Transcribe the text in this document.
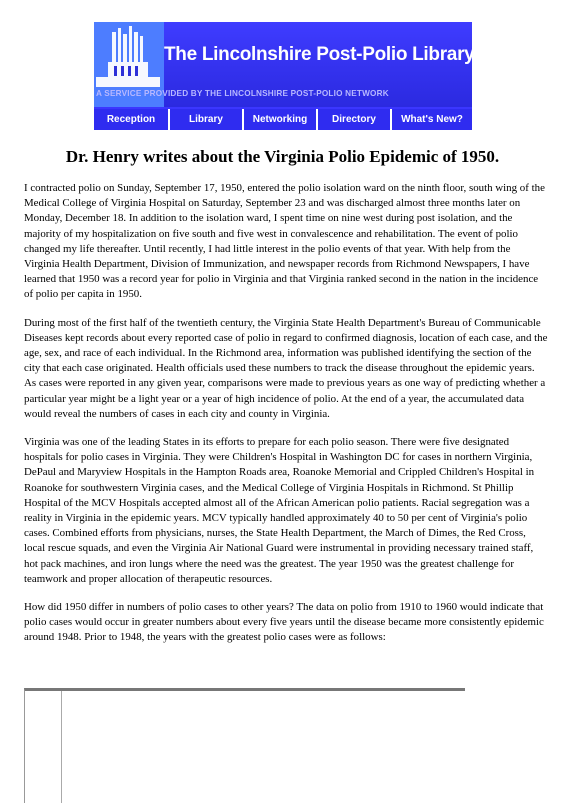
The Lincolnshire Post-Polio Library
A SERVICE PROVIDED BY THE LINCOLNSHIRE POST-POLIO NETWORK
Reception	Library	Networking	Directory	What's New?
Dr. Henry writes about the Virginia Polio Epidemic of 1950.

I contracted polio on Sunday, September 17, 1950, entered the polio isolation ward on the ninth floor, south wing of the Medical College of Virginia Hospital on Saturday, September 23 and was discharged almost three months later on Monday, December 18. In addition to the isolation ward, I spent time on nine west during post isolation, and the majority of my hospitalization on five south and five west in convalescence and rehabilitation. The event of polio changed my life thereafter. Until recently, I had little interest in the polio events of that year. With help from the Virginia Health Department, Division of Immunization, and newspaper records from Richmond Newspapers, I have learned that 1950 was a record year for polio in Virginia and that Virginia ranked second in the nation in the incidence of polio per capita in 1950.

During most of the first half of the twentieth century, the Virginia State Health Department's Bureau of Communicable Diseases kept records about every reported case of polio in regard to confirmed diagnosis, location of each case, and the age, sex, and race of each individual. In the Richmond area, information was published identifying the section of the city that each case originated. Health officials used these numbers to track the disease throughout the epidemic years. As cases were reported in any given year, comparisons were made to previous years as one way of predicting whether a particular year might be a light year or a year of high incidence of polio. At the end of a year, the accumulated data would reveal the numbers of cases in each city and county in Virginia.

Virginia was one of the leading States in its efforts to prepare for each polio season. There were five designated hospitals for polio cases in Virginia. They were Children's Hospital in Washington DC for cases in northern Virginia, DePaul and Maryview Hospitals in the Hampton Roads area, Roanoke Memorial and Crippled Children's Hospital in Roanoke for southwestern Virginia cases, and the Medical College of Virginia Hospitals in Richmond. St Phillip Hospital of the MCV Hospitals accepted almost all of the African American polio patients. Racial segregation was a reality in Virginia in the epidemic years. MCV typically handled approximately 40 to 50 per cent of Virginia's polio cases. Combined efforts from physicians, nurses, the State Health Department, the March of Dimes, the Red Cross, local rescue squads, and even the Virginia Air National Guard were instrumental in providing necessary trained staff, hot pack machines, and iron lungs where the need was the greatest. The year 1950 was the greatest challenge for teamwork and proper allocation of therapeutic resources.

How did 1950 differ in numbers of polio cases to other years? The data on polio from 1910 to 1960 would indicate that polio cases would occur in greater numbers about every five years until the disease became more consistently epidemic around 1948. Prior to 1948, the years with the greatest polio cases were as follows:
